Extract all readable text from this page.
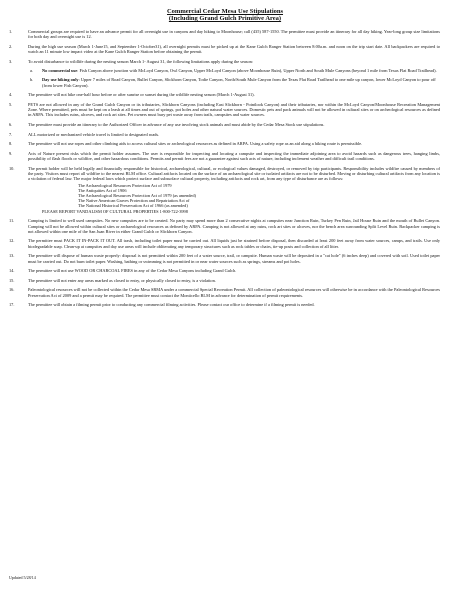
Commercial Cedar Mesa Use Stipulations
(Including Grand Gulch Primitive Area)
1.	Commercial groups are required to have an advance permit for all overnight use in canyons and day hiking to Moonhouse; call (435) 587-1550. The permittee must provide an itinerary for all day hiking. Year-long group size limitations for both day and overnight use is 12.
2.	During the high use season (March 1-June15, and September 1-October31), all overnight permits must be picked up at the Kane Gulch Ranger Station between 8:00a.m. and noon on the trip start date. All backpackers are required to watch an 11 minute low impact video at the Kane Gulch Ranger Station before obtaining the permit.
3.	To avoid disturbance to wildlife during the nesting season March 1- August 31, the following limitations apply during the season:
a. No commercial use: Fish Canyon above junction with McLoyd Canyon, Owl Canyon, Upper McLoyd Canyon (above Moonhouse Ruin), Upper North and South Mule Canyons (beyond 1 mile from Texas Flat Road Trailhead).
b. Day use hiking only: Upper 7 miles of Road Canyon, Bullet Canyon, Slickhorn Canyon, Todie Canyon, North/South Mule Canyon from the Texas Flat Road Trailhead to one mile up canyon, lower McLoyd Canyon to pour off (from lower Fish Canyon).
4.	The permittee will not hike one-half hour before or after sunrise or sunset during the wildlife nesting season (March 1-August 31).
5.	PETS are not allowed in any of the Grand Gulch Canyon or its tributaries, Slickhorn Canyons (including East Slickhorn - Pointlook Canyon) and their tributaries, nor within the McLoyd Canyon/Moonhouse Recreation Management Zone. Where permitted, pets must be kept on a leash at all times and out of springs, pot holes and other natural water sources. Domestic pets and pack animals will not be allowed in cultural sites or on archeological resources as defined in ARPA. This includes ruins, alcoves, and rock art sites. Pet owners must bury pet waste away from trails, campsites and water sources.
6.	The permittee must provide an itinerary to the Authorized Officer in advance of any use involving stock animals and must abide by the Cedar Mesa Stock use stipulations.
7.	ALL motorized or mechanized vehicle travel is limited to designated roads.
8.	The permittee will not use ropes and other climbing aids to access cultural sites or archeological resources as defined in ARPA. Using a safety rope as an aid along a hiking route is permissible.
9.	Acts of Nature present risks which the permit holder assumes. The user is responsible for inspecting and locating a campsite and inspecting the immediate adjoining area to avoid hazards such as dangerous trees, hanging limbs, possibility of flash floods or wildfire, and other hazardous conditions. Permits and permit fees are not a guarantee against such acts of nature, including inclement weather and difficult trail conditions.
10.	The permit holder will be held legally and financially responsible for historical, archaeological, cultural, or ecological values damaged, destroyed, or removed by trip participants. Responsibility includes wildfire caused by members of the party. Visitors must report all wildfire to the nearest BLM office. Cultural artifacts located on the surface of an archaeological site or isolated artifacts are not to be disturbed. Moving or disturbing cultural artifacts from any location is a violation of federal law. The major federal laws which protect surface and subsurface cultural property, including artifacts and rock art, from any type of disturbance are as follows:
The Archaeological Resources Protection Act of 1979
The Antiquities Act of 1906
The Archaeological Resources Protection Act of 1979 (as amended)
The Native American Graves Protection and Repatriation Act of
The National Historical Preservation Act of 1966 (as amended)
PLEASE REPORT VANDALISM OF CULTURAL PROPERTIES 1-800-722-3998
11.	Camping is limited to well used campsites. No new campsites are to be created. No party may spend more than 2 consecutive nights at campsites near Junction Ruin, Turkey Pen Ruin, Jail House Ruin and the mouth of Bullet Canyon. Camping will not be allowed within cultural sites or archaeological resources as defined by ARPA. Camping is not allowed at any ruins, rock art sites or alcoves, nor the bench area surrounding Split Level Ruin. Backpacker camping is not allowed within one mile of the San Juan River in either Grand Gulch or Slickhorn Canyon.
12.	The permittee must PACK IT IN-PACK IT OUT. All trash, including toilet paper must be carried out. All liquids just be strained before disposal, then discarded at least 200 feet away from water sources, camps, and trails. Use only biodegradable soap. Clean-up at campsites and day use areas will include obliterating any temporary structures such as rock tables or chairs, tie-up posts and collection of all litter.
13.	The permittee will dispose of human waste properly: disposal is not permitted within 200 feet of a water source, trail, or campsite. Human waste will be deposited in a "cat hole" (6 inches deep) and covered with soil. Used toilet paper must be carried out. Do not burn toilet paper. Washing, bathing or swimming is not permitted in or near water sources such as springs, streams and pot holes.
14.	The permittee will not use WOOD OR CHARCOAL FIRES in any of the Cedar Mesa Canyons including Grand Gulch.
15.	The permittee will not enter any areas marked as closed to entry, or physically closed to entry, is a violation.
16.	Paleontological resources will not be collected within the Cedar Mesa SRMA under a commercial Special Recreation Permit. All collection of paleontological resources will otherwise be in accordance with the Paleontological Resources Preservation Act of 2009 and a permit may be required. The permittee must contact the Monticello BLM in advance for determination of permit requirements.
17.	The permittee will obtain a filming permit prior to conducting any commercial filming activities. Please contact our office to determine if a filming permit is needed.
Updated 5/28/14
